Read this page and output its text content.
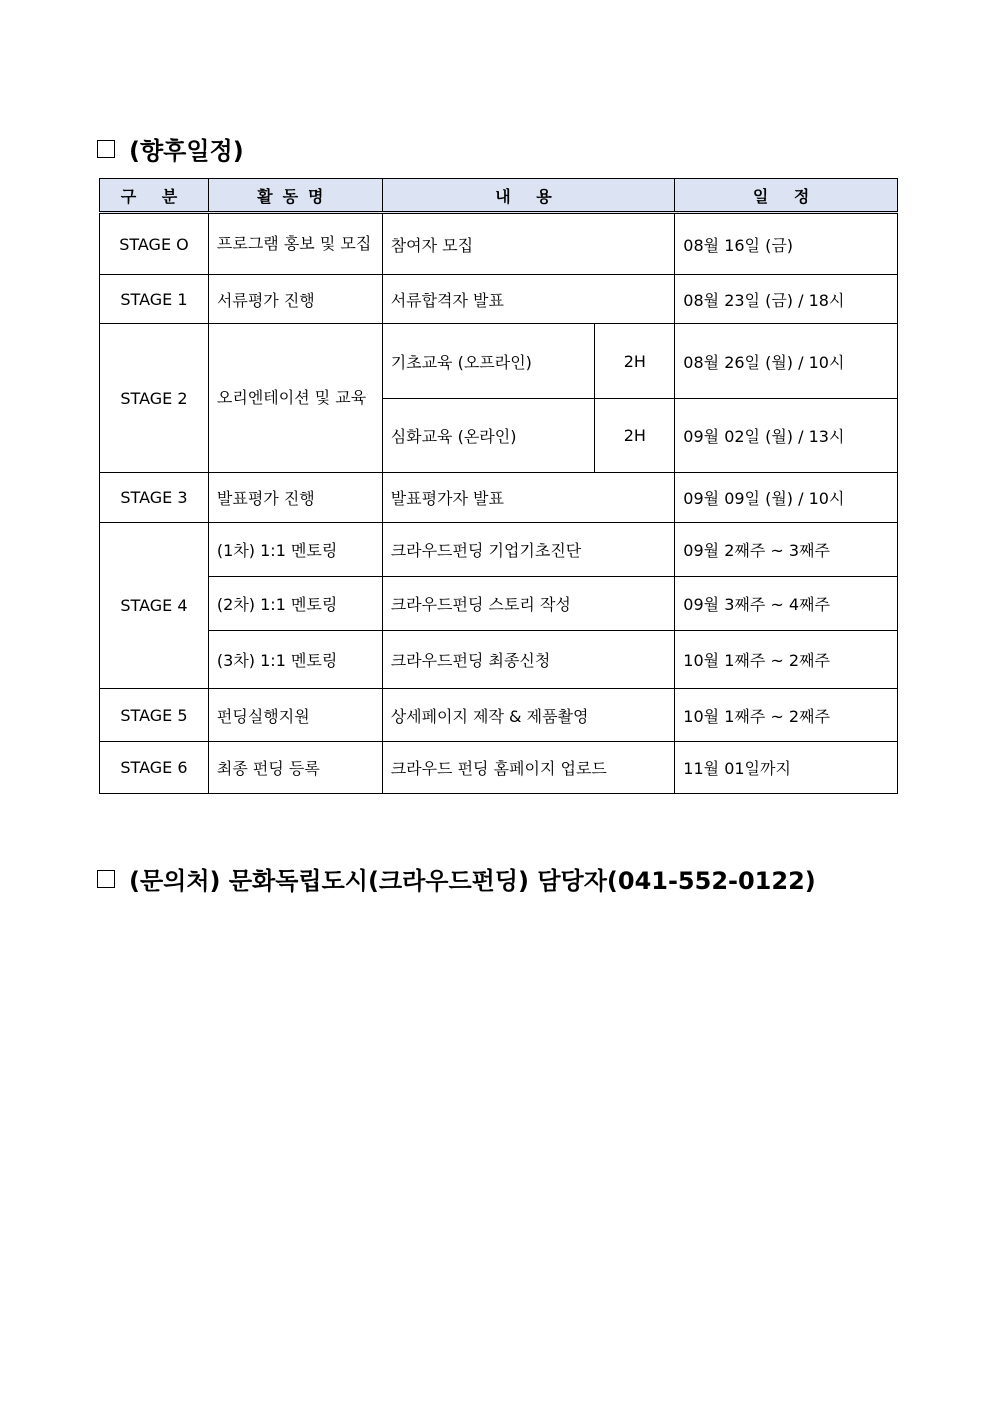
(향후일정)
구 분	활동명	내 용		일 정
STAGE O	프로그램 홍보 및 모집	참여자 모집		08월 16일 (금)
STAGE 1	서류평가 진행	서류합격자 발표		08월 23일 (금) / 18시
STAGE 2	오리엔테이션 및 교육	기초교육 (오프라인)	2H	08월 26일 (월) / 10시
		심화교육 (온라인)	2H	09월 02일 (월) / 13시
STAGE 3	발표평가 진행	발표평가자 발표		09월 09일 (월) / 10시
STAGE 4	(1차) 1:1 멘토링	크라우드펀딩 기업기초진단		09월 2째주 ~ 3째주
	(2차) 1:1 멘토링	크라우드펀딩 스토리 작성		09월 3째주 ~ 4째주
	(3차) 1:1 멘토링	크라우드펀딩 최종신청		10월 1째주 ~ 2째주
STAGE 5	펀딩실행지원	상세페이지 제작 & 제품촬영		10월 1째주 ~ 2째주
STAGE 6	최종 펀딩 등록	크라우드 펀딩 홈페이지 업로드		11월 01일까지
(문의처) 문화독립도시(크라우드펀딩) 담당자(041-552-0122)
